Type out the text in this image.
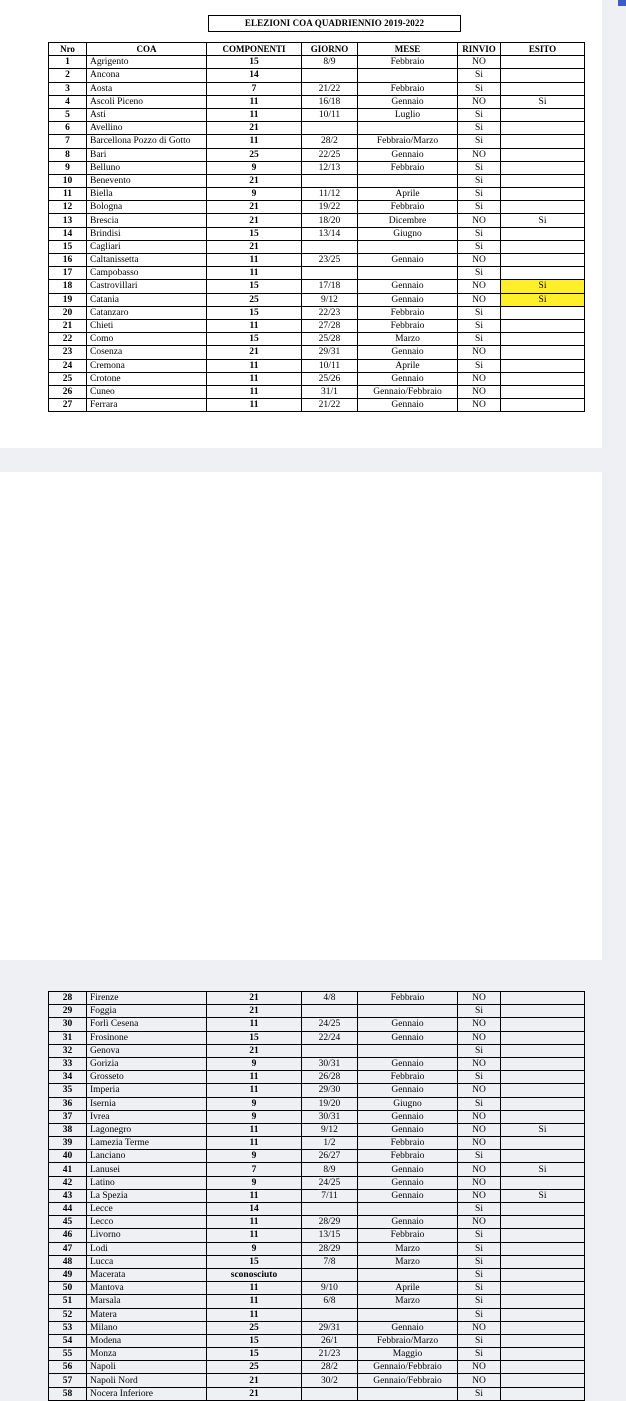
ELEZIONI COA QUADRIENNIO 2019-2022
Nro	COA	COMPONENTI	GIORNO	MESE	RINVIO	ESITO
1	Agrigento	15	8/9	Febbraio	NO	
2	Ancona	14			Si	
3	Aosta	7	21/22	Febbraio	Si	
4	Ascoli Piceno	11	16/18	Gennaio	NO	Si
5	Asti	11	10/11	Luglio	Si	
6	Avellino	21			Si	
7	Barcellona Pozzo di Gotto	11	28/2	Febbraio/Marzo	Si	
8	Bari	25	22/25	Gennaio	NO	
9	Belluno	9	12/13	Febbraio	Si	
10	Benevento	21			Si	
11	Biella	9	11/12	Aprile	Si	
12	Bologna	21	19/22	Febbraio	Si	
13	Brescia	21	18/20	Dicembre	NO	Si
14	Brindisi	15	13/14	Giugno	Si	
15	Cagliari	21			Si	
16	Caltanissetta	11	23/25	Gennaio	NO	
17	Campobasso	11			Si	
18	Castrovillari	15	17/18	Gennaio	NO	Si
19	Catania	25	9/12	Gennaio	NO	Si
20	Catanzaro	15	22/23	Febbraio	Si	
21	Chieti	11	27/28	Febbraio	Si	
22	Como	15	25/28	Marzo	Si	
23	Cosenza	21	29/31	Gennaio	NO	
24	Cremona	11	10/11	Aprile	Si	
25	Crotone	11	25/26	Gennaio	NO	
26	Cuneo	11	31/1	Gennaio/Febbraio	NO	
27	Ferrara	11	21/22	Gennaio	NO	
28	Firenze	21	4/8	Febbraio	NO	
29	Foggia	21			Si	
30	Forlì Cesena	11	24/25	Gennaio	NO	
31	Frosinone	15	22/24	Gennaio	NO	
32	Genova	21			Si	
33	Gorizia	9	30/31	Gennaio	NO	
34	Grosseto	11	26/28	Febbraio	Si	
35	Imperia	11	29/30	Gennaio	NO	
36	Isernia	9	19/20	Giugno	Si	
37	Ivrea	9	30/31	Gennaio	NO	
38	Lagonegro	11	9/12	Gennaio	NO	Si
39	Lamezia Terme	11	1/2	Febbraio	NO	
40	Lanciano	9	26/27	Febbraio	Si	
41	Lanusei	7	8/9	Gennaio	NO	Si
42	Latino	9	24/25	Gennaio	NO	
43	La Spezia	11	7/11	Gennaio	NO	Si
44	Lecce	14			Si	
45	Lecco	11	28/29	Gennaio	NO	
46	Livorno	11	13/15	Febbraio	Si	
47	Lodi	9	28/29	Marzo	Si	
48	Lucca	15	7/8	Marzo	Si	
49	Macerata	sconosciuto			Si	
50	Mantova	11	9/10	Aprile	Si	
51	Marsala	11	6/8	Marzo	Si	
52	Matera	11			Si	
53	Milano	25	29/31	Gennaio	NO	
54	Modena	15	26/1	Febbraio/Marzo	Si	
55	Monza	15	21/23	Maggio	Si	
56	Napoli	25	28/2	Gennaio/Febbraio	NO	
57	Napoli Nord	21	30/2	Gennaio/Febbraio	NO	
58	Nocera Inferiore	21			Si	
